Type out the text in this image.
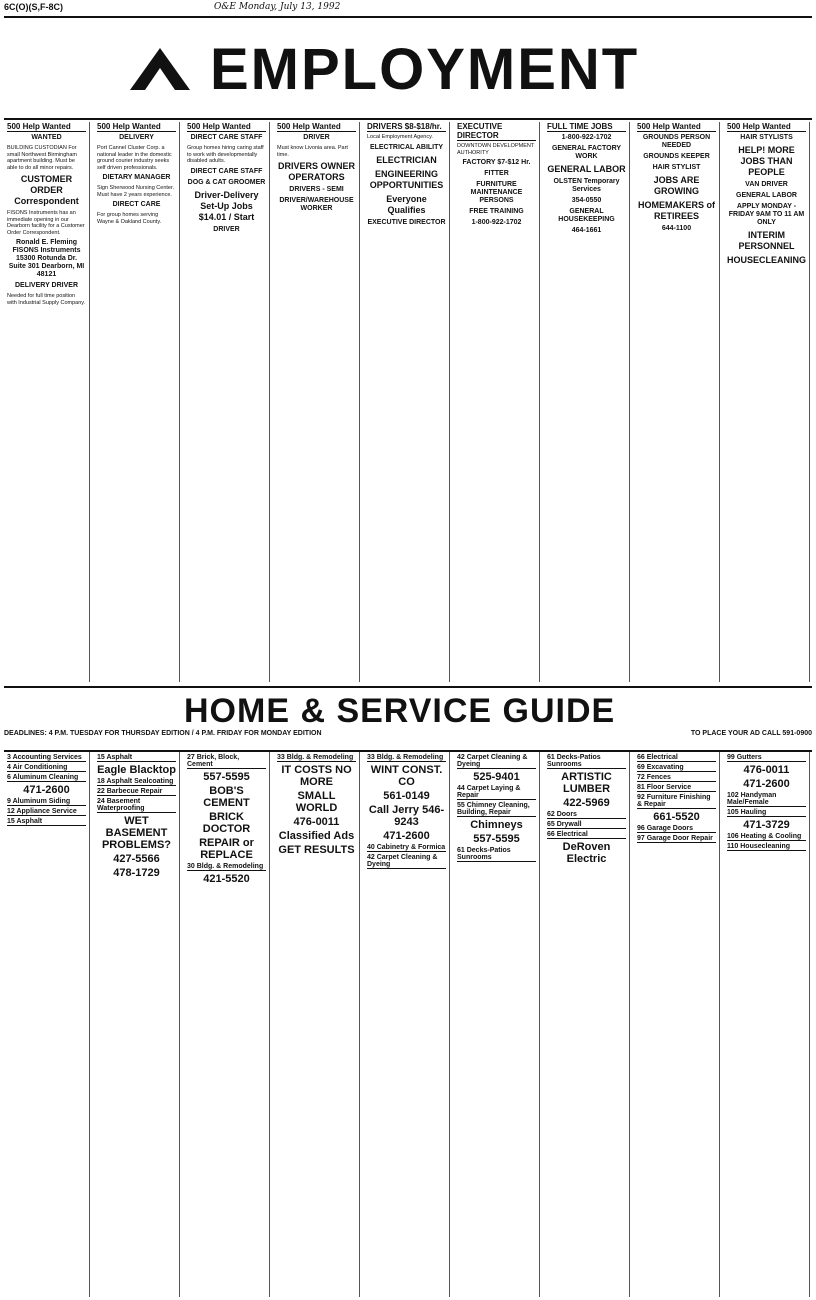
6C(O)(S,F-8C)	O&E Monday, July 13, 1992
EMPLOYMENT
500 Help Wanted
WANTED
BUILDING CUSTODIAN For small Northwest Birmingham apartment building. Must be able to do all minor repairs.
CUSTOMER ORDER Correspondent
FISONS Instruments has an immediate opening in our Dearborn facility for a Customer Order Correspondent.
Ronald E. Fleming FISONS Instruments 15300 Rotunda Dr. Suite 301 Dearborn, MI 48121
DELIVERY DRIVER
Needed for full time position with Industrial Supply Company.
500 Help Wanted
DELIVERY
Port Cannel Cluster Corp. a national leader in the domestic ground courier industry seeks self driven professionals.
DIETARY MANAGER
Sign Sherwood Nursing Center. Must have 2 years experience.
DIRECT CARE
For group homes serving Wayne & Oakland County.
500 Help Wanted
DIRECT CARE STAFF
Group homes hiring caring staff to work with developmentally disabled adults.
DIRECT CARE STAFF
DOG & CAT GROOMER
Driver-Delivery Set-Up Jobs $14.01 / Start
DRIVER
500 Help Wanted
DRIVER
Must know Livonia area. Part time.
DRIVERS OWNER OPERATORS
DRIVERS - SEMI
DRIVER/WAREHOUSE WORKER
DRIVERS $8-$18/hr.
Local Employment Agency.
ELECTRICAL ABILITY
ELECTRICIAN
ENGINEERING OPPORTUNITIES
Everyone Qualifies
EXECUTIVE DIRECTOR
EXECUTIVE DIRECTOR
DOWNTOWN DEVELOPMENT AUTHORITY
FACTORY $7-$12 Hr.
FITTER
FURNITURE MAINTENANCE PERSONS
FREE TRAINING
1-800-922-1702
FULL TIME JOBS
1-800-922-1702
GENERAL FACTORY WORK
GENERAL LABOR
OLSTEN Temporary Services
354-0550
GENERAL HOUSEKEEPING
464-1661
500 Help Wanted
GROUNDS PERSON NEEDED
GROUNDS KEEPER
HAIR STYLIST
JOBS ARE GROWING
HOMEMAKERS of RETIREES
644-1100
500 Help Wanted
HAIR STYLISTS
HELP! MORE JOBS THAN PEOPLE
VAN DRIVER
GENERAL LABOR
APPLY MONDAY - FRIDAY 9AM TO 11 AM ONLY
INTERIM PERSONNEL
HOUSECLEANING
HOME & SERVICE GUIDE
DEADLINES: 4 P.M. TUESDAY FOR THURSDAY EDITION / 4 P.M. FRIDAY FOR MONDAY EDITION	TO PLACE YOUR AD CALL 591-0900
3 Accounting Services
4 Air Conditioning
6 Aluminum Cleaning
471-2600
9 Aluminum Siding
12 Appliance Service
15 Asphalt
15 Asphalt
Eagle Blacktop
18 Asphalt Sealcoating
22 Barbecue Repair
24 Basement Waterproofing
WET BASEMENT PROBLEMS?
427-5566
478-1729
27 Brick, Block, Cement
557-5595
BOB'S CEMENT
BRICK DOCTOR
REPAIR or REPLACE
30 Bldg. & Remodeling
421-5520
33 Bldg. & Remodeling
IT COSTS NO MORE
SMALL WORLD
476-0011
Classified Ads
GET RESULTS
33 Bldg. & Remodeling
WINT CONST. CO
561-0149
Call Jerry 546-9243
471-2600
40 Cabinetry & Formica
42 Carpet Cleaning & Dyeing
42 Carpet Cleaning & Dyeing
525-9401
44 Carpet Laying & Repair
55 Chimney Cleaning, Building, Repair
Chimneys
557-5595
61 Decks-Patios Sunrooms
61 Decks-Patios Sunrooms
ARTISTIC LUMBER
422-5969
62 Doors
65 Drywall
66 Electrical
DeRoven Electric
66 Electrical
69 Excavating
72 Fences
81 Floor Service
92 Furniture Finishing & Repair
661-5520
96 Garage Doors
97 Garage Door Repair
99 Gutters
476-0011
471-2600
102 Handyman Male/Female
105 Hauling
471-3729
106 Heating & Cooling
110 Housecleaning
